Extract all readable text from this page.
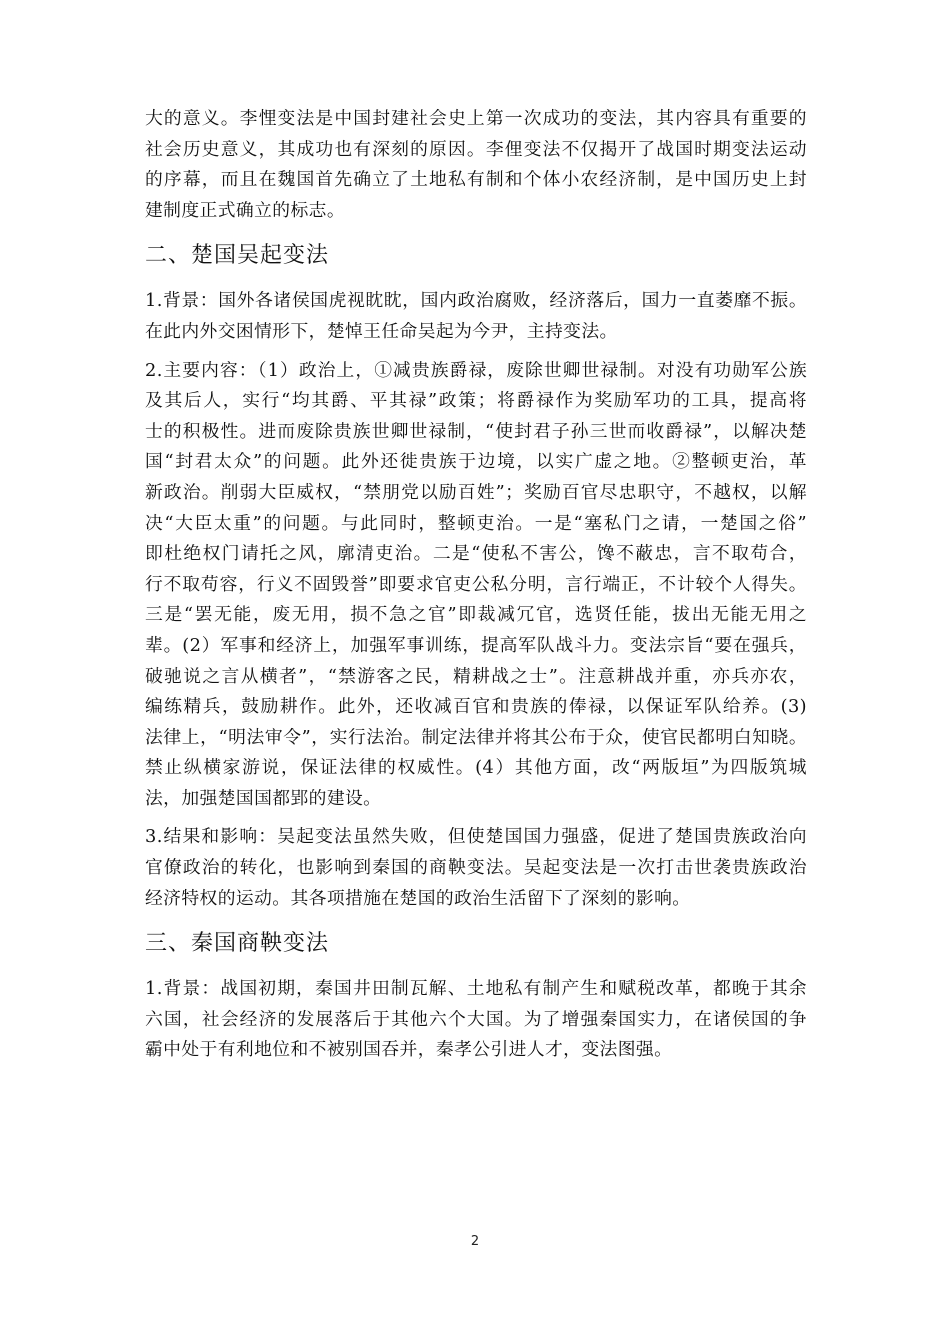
大的意义。李悝变法是中国封建社会史上第一次成功的变法，其内容具有重要的
社会历史意义，其成功也有深刻的原因。李俚变法不仅揭开了战国时期变法运动
的序幕，而且在魏国首先确立了土地私有制和个体小农经济制，是中国历史上封
建制度正式确立的标志。
二、楚国吴起变法
1.背景：国外各诸侯国虎视眈眈，国内政治腐败，经济落后，国力一直萎靡不振。
在此内外交困情形下，楚悼王任命吴起为今尹，主持变法。
2.主要内容：（1）政治上，①减贵族爵禄，废除世卿世禄制。对没有功勋军公族
及其后人，实行“均其爵、平其禄”政策；将爵禄作为奖励军功的工具，提高将
士的积极性。进而废除贵族世卿世禄制，“使封君子孙三世而收爵禄”，以解决楚
国“封君太众”的问题。此外还徙贵族于边境，以实广虚之地。②整顿吏治，革
新政治。削弱大臣威权，“禁朋党以励百姓”；奖励百官尽忠职守，不越权，以解
决“大臣太重”的问题。与此同时，整顿吏治。一是“塞私门之请，一楚国之俗”
即杜绝权门请托之风，廓清吏治。二是“使私不害公，馋不蔽忠，言不取苟合，
行不取苟容，行义不固毁誉”即要求官吏公私分明，言行端正，不计较个人得失。
三是“罢无能，废无用，损不急之官”即裁减冗官，选贤任能，拔出无能无用之
辈。(2）军事和经济上，加强军事训练，提高军队战斗力。变法宗旨“要在强兵，
破驰说之言从横者”，“禁游客之民，精耕战之士”。注意耕战并重，亦兵亦农，
编练精兵，鼓励耕作。此外，还收减百官和贵族的俸禄，以保证军队给养。(3)
法律上，“明法审令”，实行法治。制定法律并将其公布于众，使官民都明白知晓。
禁止纵横家游说，保证法律的权威性。(4）其他方面，改“两版垣”为四版筑城
法，加强楚国国都郢的建设。
3.结果和影响：吴起变法虽然失败，但使楚国国力强盛，促进了楚国贵族政治向
官僚政治的转化，也影响到秦国的商鞅变法。吴起变法是一次打击世袭贵族政治
经济特权的运动。其各项措施在楚国的政治生活留下了深刻的影响。
三、秦国商鞅变法
1.背景：战国初期，秦国井田制瓦解、土地私有制产生和赋税改革，都晚于其余
六国，社会经济的发展落后于其他六个大国。为了增强秦国实力，在诸侯国的争
霸中处于有利地位和不被别国吞并，秦孝公引进人才，变法图强。
2
